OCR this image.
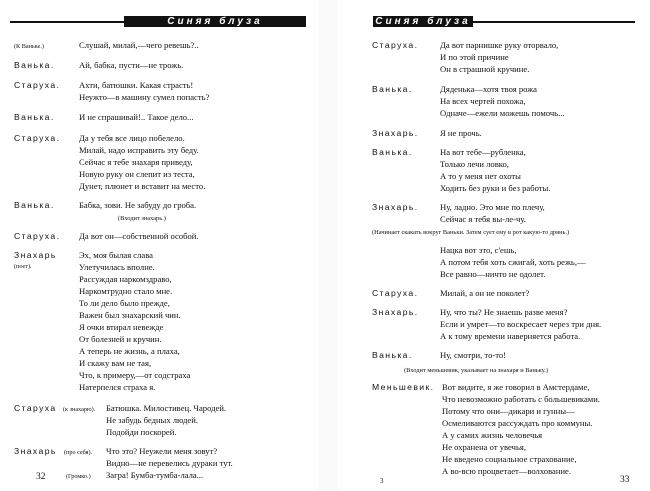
Синяя блуза
(К Ваньке.)	Слушай, милай,—чего ревешь?..
Ванька.	Ай, бабка, пусти—не трожь.
Старуха. Ахти, батюшки. Какая страсть!
Неужто—в машину сумел попасть?
Ванька.	И не спрашивай!.. Такое дело...
Старуха. Да у тебя все лицо побелело.
Милай, надо исправить эту беду.
Сейчас я тебе знахаря приведу,
Новую руку он слепит из теста,
Дунет, плюнет и вставит на место.
Ванька.	Бабка, зови. Не забуду до гроба.
(Входит знахарь.)
Старуха. Да вот он—собственной особой.
Знахарь
(поет).
Эх, моя былая слава
Улетучилась вполне.
Рассуждая наркомздраво,
Наркомтрудно стало мне.
То ли дело было прежде,
Важен был знахарский чин.
Я очки втирал невежде
От болезней и кручин.
А теперь не жизнь, а плаха,
И скажу вам не тая,
Что, к примеру,—от содстраха
Натерпелся страха я.
Старуха (к знахарю). Батюшка. Милостивец. Чародей.
Не забудь бедных людей.
Подойди поскорей.
Знахарь (про себя). Что это? Неужели меня зовут?
Видно—не перевелись дураки тут.
(Громко.) Загра! Бумба-тумба-лала...
32
Синяя блуза
Старуха.	Да вот парнишке руку оторвало,
И по этой причине
Он в страшной кручине.
Ванька.	Дяденька—хотя твоя рожа
На всех чертей похожа,
Одначе—ежели можешь помочь...
Знахарь. Я не прочь.
Ванька.	На вот тебе—рубленка,
Только лечи ловко,
А то у меня нет охоты
Ходить без руки и без работы.
Знахарь. Ну, ладно. Это мне по плечу,
Сейчас я тебя вы-ле-чу.
(Начинает скакать вокруг Ваньки. Затем сует ему в рот какую-то дрянь.)
Нацка вот это, с'ешь,
А потом тебя хоть сжигай, хоть режь,—
Все равно—ничто не одолет.
Старуха.	Милай, а он не поколет?
Знахарь. Ну, что ты? Не знаешь разве меня?
Если и умрет—то воскресает через три дня.
А к тому времени наверняется работа.
Ванька.	Ну, смотри, то-то!
(Входит меньшевик, указывает на знахаря и Ваньку.)
Меньшевик. Вот видите, я же говорил в Амстердаме,
Что невозможно работать с большевиками.
Потому что они—дикари и гунны—
Осмеливаются рассуждать про коммуны.
А у самих жизнь человечья
Не охранена от увечья,
Не введено социальное страхование,
А во-всю процветает—волхование.
3	33
